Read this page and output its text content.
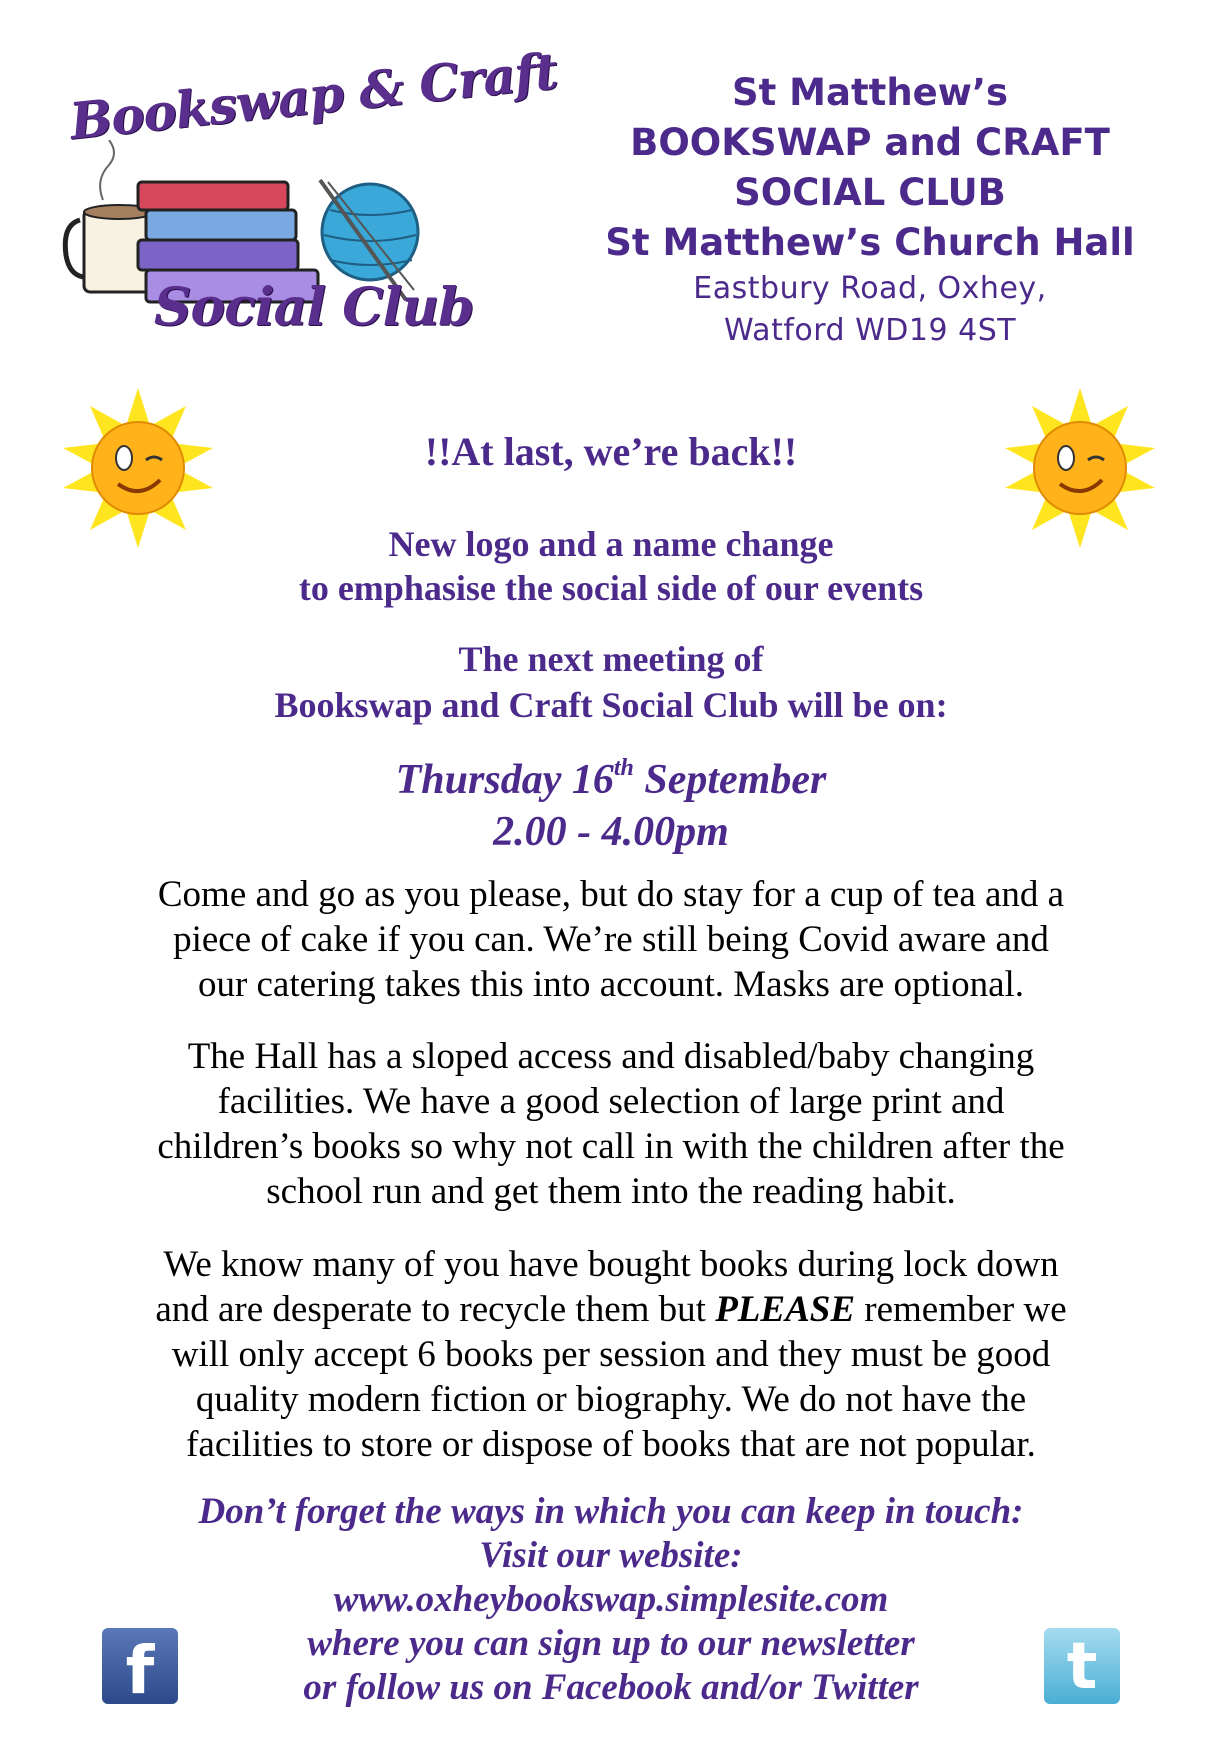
Bookswap & Craft
Social Club
St Matthew’s
BOOKSWAP and CRAFT
SOCIAL CLUB
St Matthew’s Church Hall
Eastbury Road, Oxhey,
Watford WD19 4ST
!!At last, we’re back!!
New logo and a name change
to emphasise the social side of our events
The next meeting of
Bookswap and Craft Social Club will be on:
Thursday 16th September
2.00 - 4.00pm
Come and go as you please, but do stay for a cup of tea and a
piece of cake if you can. We’re still being Covid aware and
our catering takes this into account. Masks are optional.
The Hall has a sloped access and disabled/baby changing
facilities. We have a good selection of large print and
children’s books so why not call in with the children after the
school run and get them into the reading habit.
We know many of you have bought books during lock down
and are desperate to recycle them but PLEASE remember we
will only accept 6 books per session and they must be good
quality modern fiction or biography. We do not have the
facilities to store or dispose of books that are not popular.
Don’t forget the ways in which you can keep in touch:
Visit our website:
www.oxheybookswap.simplesite.com
where you can sign up to our newsletter
or follow us on Facebook and/or Twitter
f	t
